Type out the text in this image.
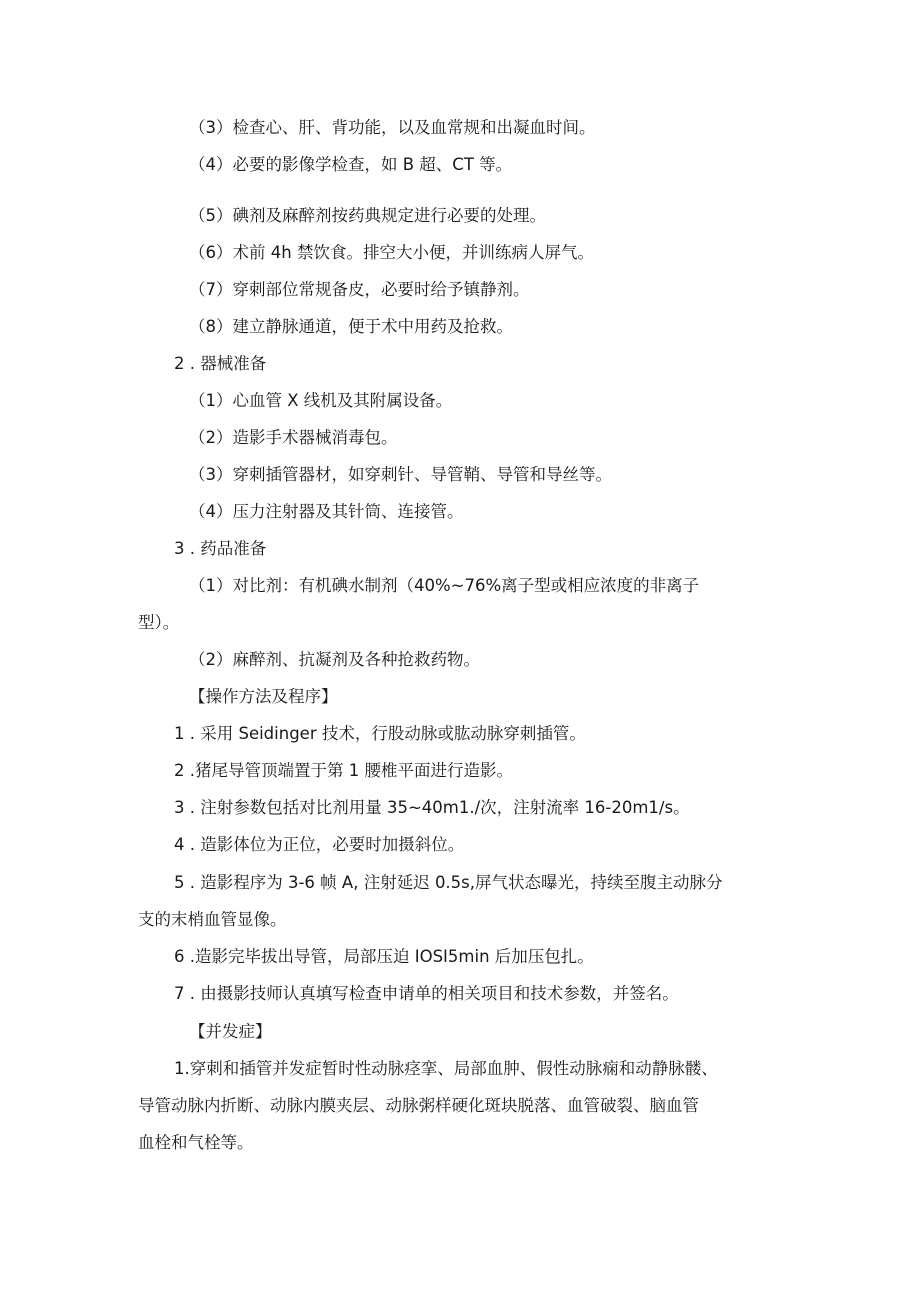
（3）检查心、肝、背功能，以及血常规和出凝血时间。
（4）必要的影像学检查，如 B 超、CT 等。
（5）碘剂及麻醉剂按药典规定进行必要的处理。
（6）术前 4h 禁饮食。排空大小便，并训练病人屏气。
（7）穿刺部位常规备皮，必要时给予镇静剂。
（8）建立静脉通道，便于术中用药及抢救。
2 . 器械准备
（1）心血管 X 线机及其附属设备。
（2）造影手术器械消毒包。
（3）穿刺插管器材，如穿刺针、导管鞘、导管和导丝等。
（4）压力注射器及其针筒、连接管。
3 . 药品准备
（1）对比剂：有机碘水制剂（40%~76%离子型或相应浓度的非离子
型）。
（2）麻醉剂、抗凝剂及各种抢救药物。
【操作方法及程序】
1 . 采用 Seidinger 技术，行股动脉或肱动脉穿刺插管。
2 .猪尾导管顶端置于第 1 腰椎平面进行造影。
3 . 注射参数包括对比剂用量 35~40m1./次，注射流率 16-20m1∕s。
4 . 造影体位为正位，必要时加摄斜位。
5 . 造影程序为 3-6 帧 A, 注射延迟 0.5s,屏气状态曝光，持续至腹主动脉分
支的末梢血管显像。
6 .造影完毕拔出导管，局部压迫 IOSI5min 后加压包扎。
7 . 由摄影技师认真填写检查申请单的相关项目和技术参数，并签名。
【并发症】
1.穿刺和插管并发症暂时性动脉痉挛、局部血肿、假性动脉痫和动静脉髅、
导管动脉内折断、动脉内膜夹层、动脉粥样硬化斑块脱落、血管破裂、脑血管
血栓和气栓等。
